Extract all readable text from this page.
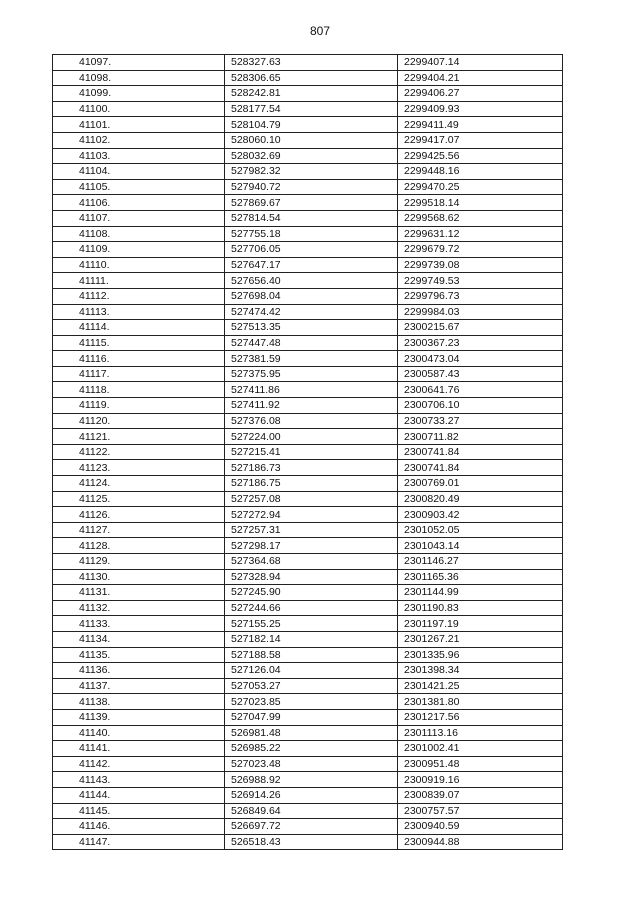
807
41097.	528327.63	2299407.14
41098.	528306.65	2299404.21
41099.	528242.81	2299406.27
41100.	528177.54	2299409.93
41101.	528104.79	2299411.49
41102.	528060.10	2299417.07
41103.	528032.69	2299425.56
41104.	527982.32	2299448.16
41105.	527940.72	2299470.25
41106.	527869.67	2299518.14
41107.	527814.54	2299568.62
41108.	527755.18	2299631.12
41109.	527706.05	2299679.72
41110.	527647.17	2299739.08
41111.	527656.40	2299749.53
41112.	527698.04	2299796.73
41113.	527474.42	2299984.03
41114.	527513.35	2300215.67
41115.	527447.48	2300367.23
41116.	527381.59	2300473.04
41117.	527375.95	2300587.43
41118.	527411.86	2300641.76
41119.	527411.92	2300706.10
41120.	527376.08	2300733.27
41121.	527224.00	2300711.82
41122.	527215.41	2300741.84
41123.	527186.73	2300741.84
41124.	527186.75	2300769.01
41125.	527257.08	2300820.49
41126.	527272.94	2300903.42
41127.	527257.31	2301052.05
41128.	527298.17	2301043.14
41129.	527364.68	2301146.27
41130.	527328.94	2301165.36
41131.	527245.90	2301144.99
41132.	527244.66	2301190.83
41133.	527155.25	2301197.19
41134.	527182.14	2301267.21
41135.	527188.58	2301335.96
41136.	527126.04	2301398.34
41137.	527053.27	2301421.25
41138.	527023.85	2301381.80
41139.	527047.99	2301217.56
41140.	526981.48	2301113.16
41141.	526985.22	2301002.41
41142.	527023.48	2300951.48
41143.	526988.92	2300919.16
41144.	526914.26	2300839.07
41145.	526849.64	2300757.57
41146.	526697.72	2300940.59
41147.	526518.43	2300944.88
